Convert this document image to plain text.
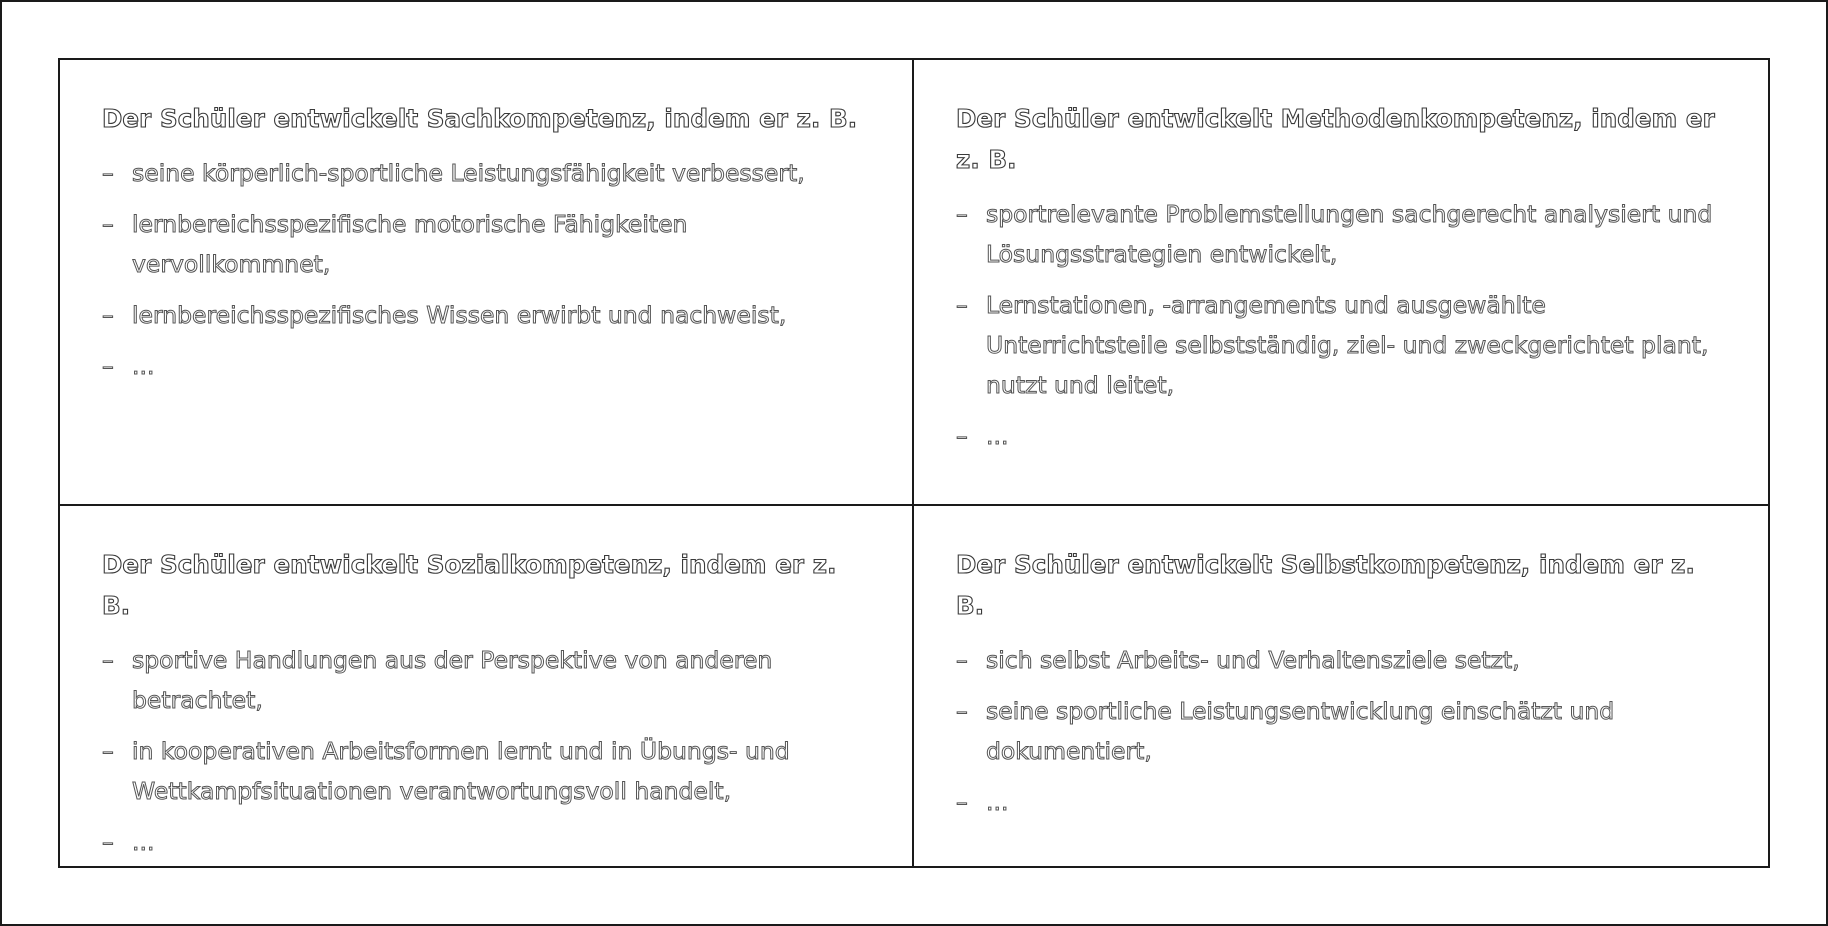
Der Schüler entwickelt Sachkompetenz, indem er z. B.
– seine körperlich-sportliche Leistungsfähigkeit verbessert,
– lernbereichsspezifische motorische Fähigkeiten vervollkommnet,
– lernbereichsspezifisches Wissen erwirbt und nachweist,
– ...
Der Schüler entwickelt Methodenkompetenz, indem er z. B.
– sportrelevante Problemstellungen sachgerecht analysiert und Lösungsstrategien entwickelt,
– Lernstationen, -arrangements und ausgewählte Unterrichtsteile selbstständig, ziel- und zweckgerichtet plant, nutzt und leitet,
– ...
Der Schüler entwickelt Sozialkompetenz, indem er z. B.
– sportive Handlungen aus der Perspektive von anderen betrachtet,
– in kooperativen Arbeitsformen lernt und in Übungs- und Wettkampfsituationen verantwortungsvoll handelt,
– ...
Der Schüler entwickelt Selbstkompetenz, indem er z. B.
– sich selbst Arbeits- und Verhaltensziele setzt,
– seine sportliche Leistungsentwicklung einschätzt und dokumentiert,
– ...
